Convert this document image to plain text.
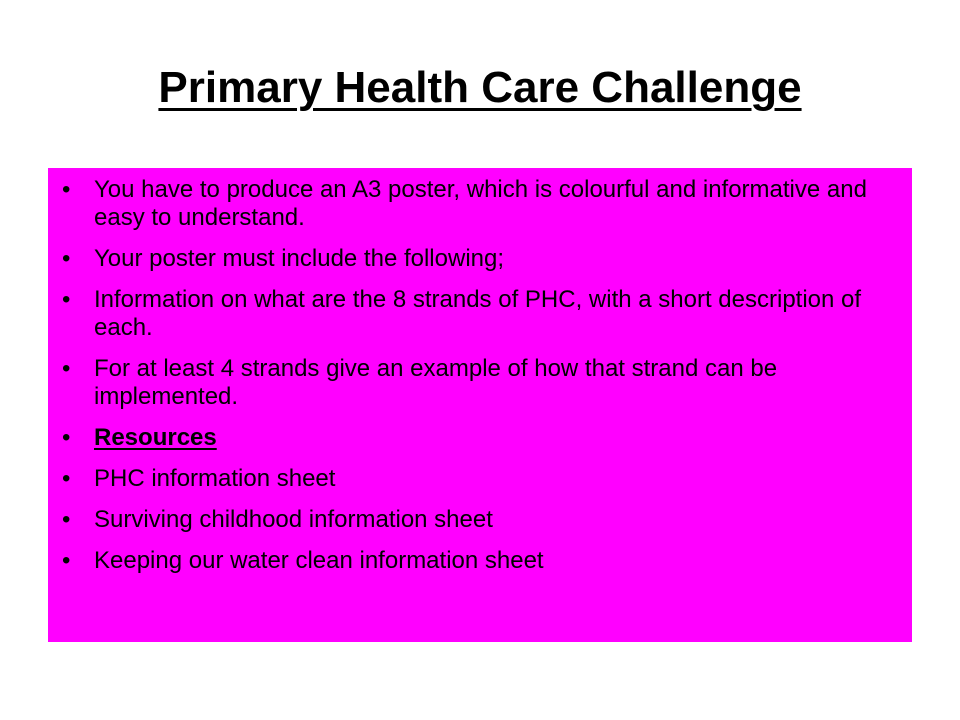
Primary Health Care Challenge
• You have to produce an A3 poster, which is colourful and informative and easy to understand.
• Your poster must include the following;
• Information on what are the 8 strands of PHC, with a short description of each.
• For at least 4 strands give an example of how that strand can be implemented.
• Resources
• PHC information sheet
• Surviving childhood information sheet
• Keeping our water clean information sheet
